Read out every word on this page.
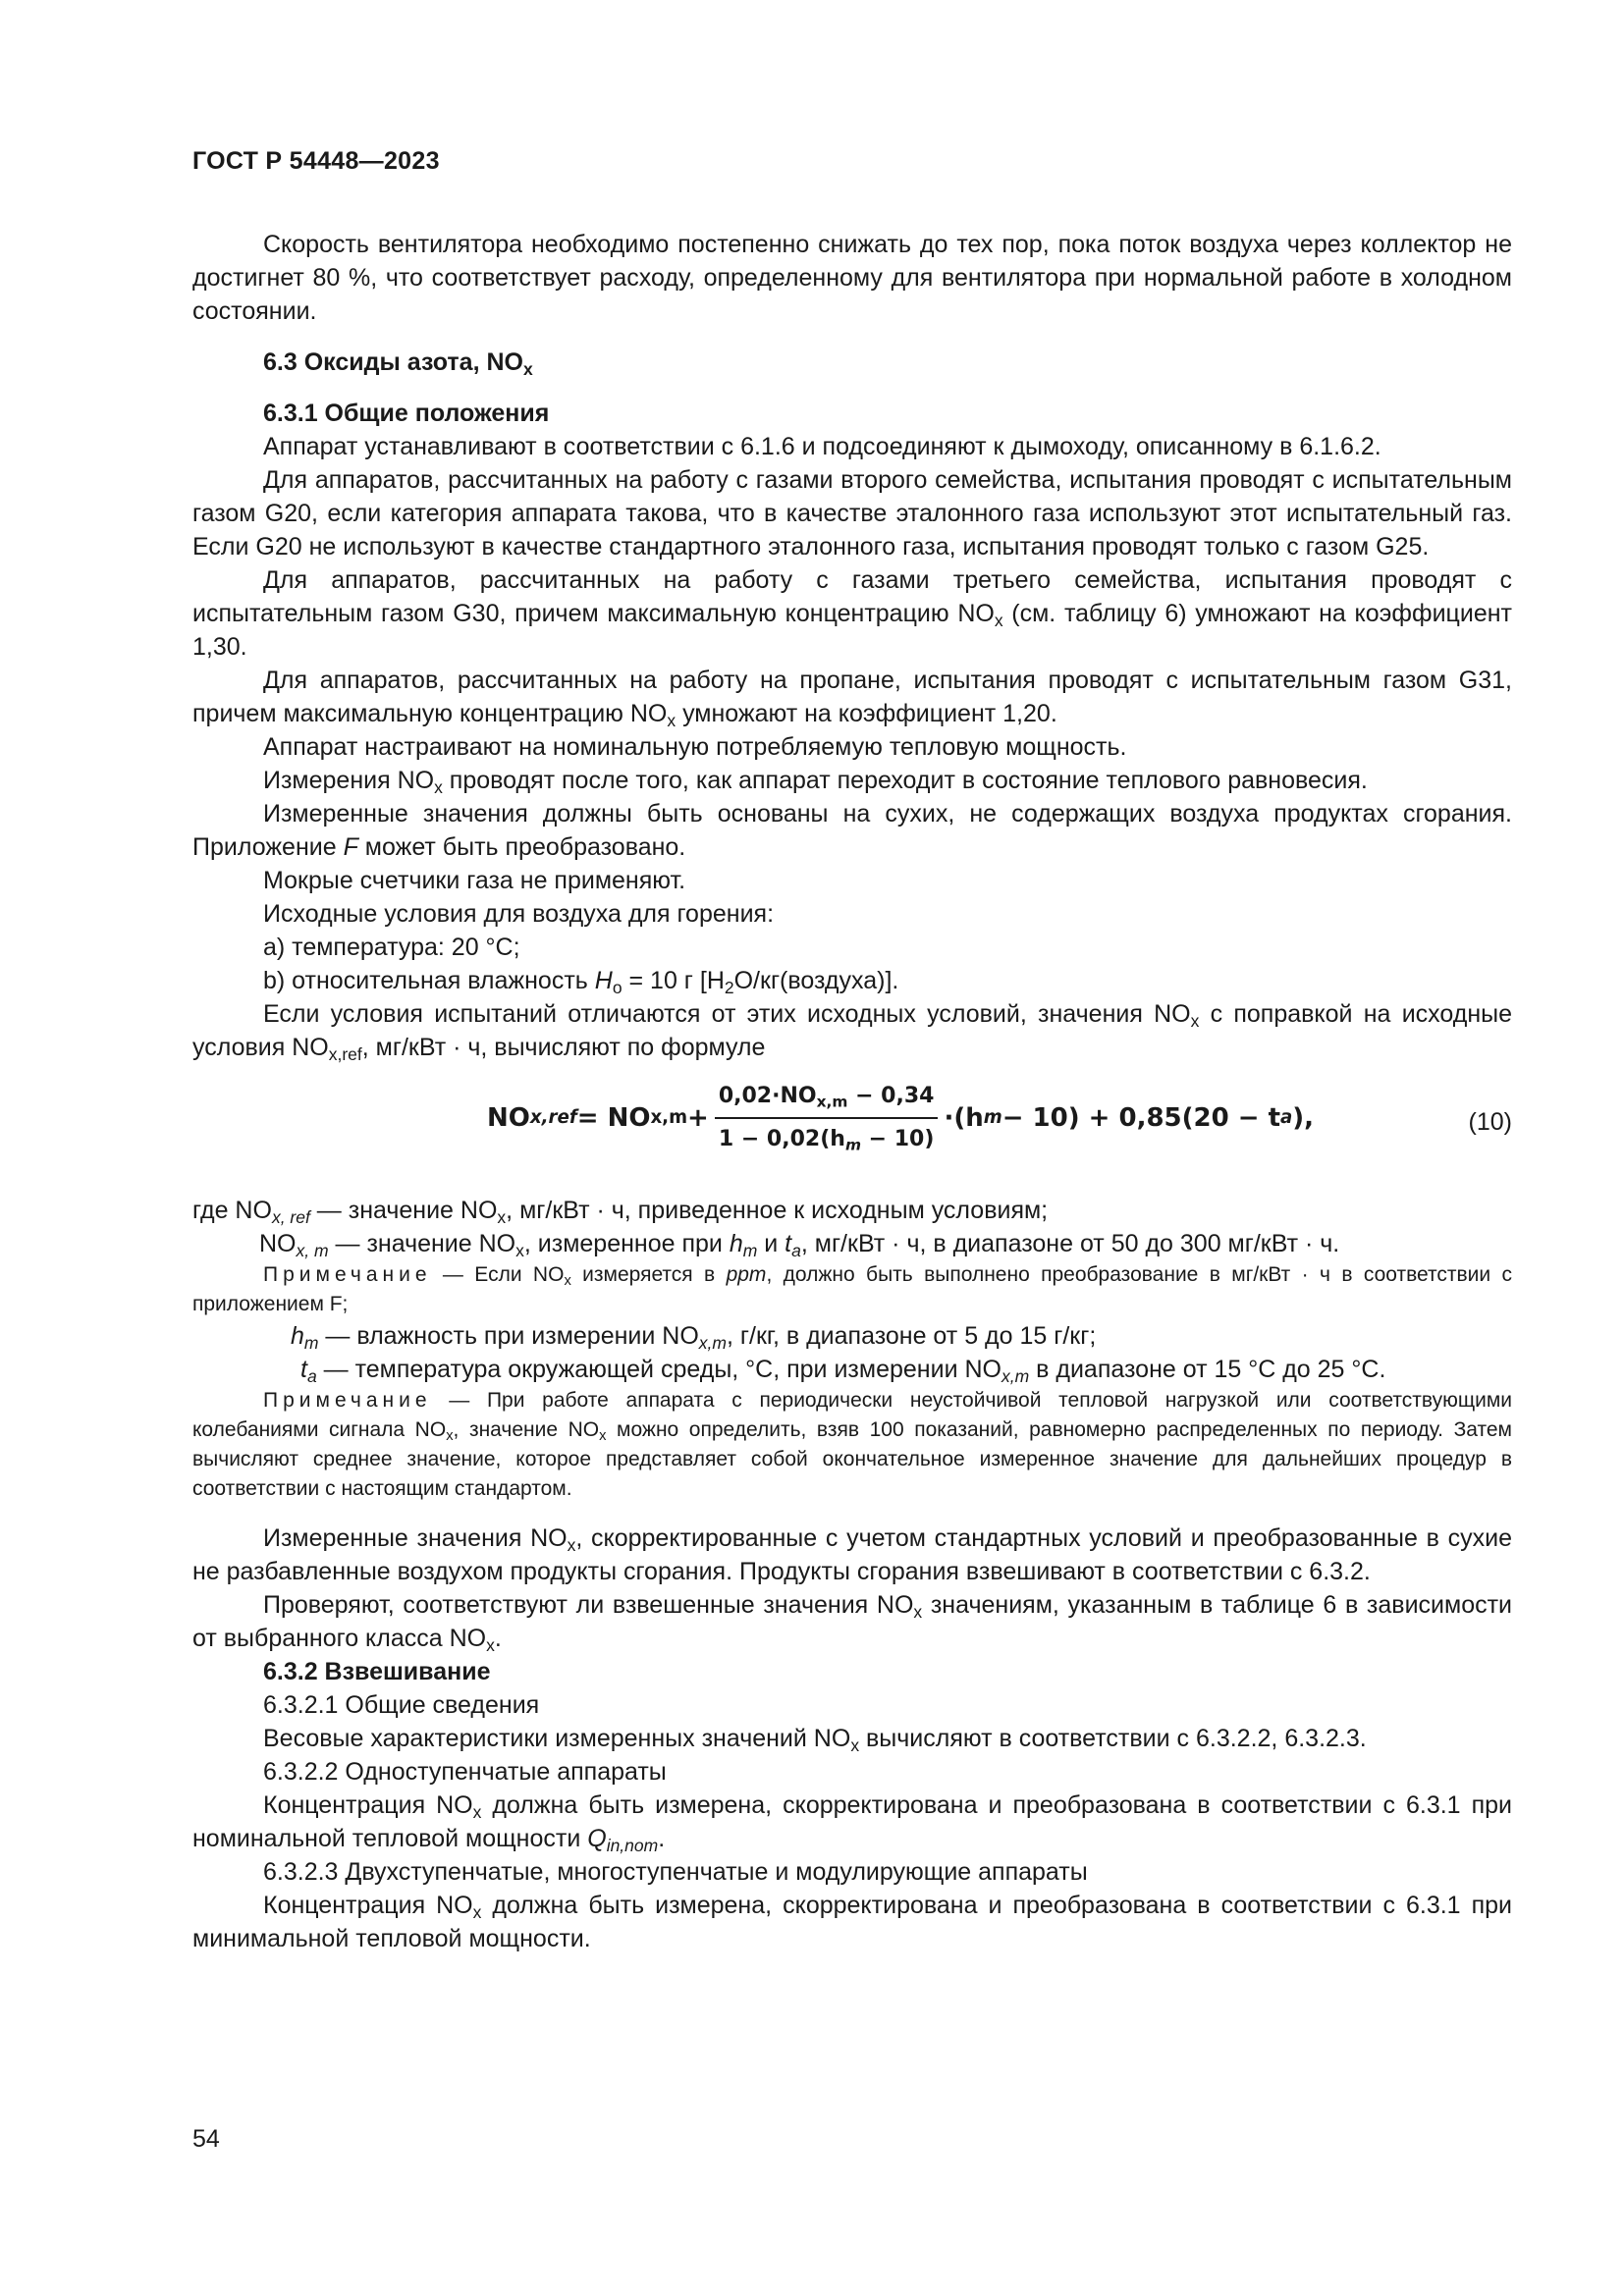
ГОСТ Р 54448—2023

Скорость вентилятора необходимо постепенно снижать до тех пор, пока поток воздуха через коллектор не достигнет 80 %, что соответствует расходу, определенному для вентилятора при нормальной работе в холодном состоянии.

6.3 Оксиды азота, $NO_x$

6.3.1 Общие положения

Аппарат устанавливают в соответствии с 6.1.6 и подсоединяют к дымоходу, описанному в 6.1.6.2.

Для аппаратов, рассчитанных на работу с газами второго семейства, испытания проводят с испытательным газом G20, если категория аппарата такова, что в качестве эталонного газа используют этот испытательный газ. Если G20 не используют в качестве стандартного эталонного газа, испытания проводят только с газом G25.

Для аппаратов, рассчитанных на работу с газами третьего семейства, испытания проводят с испытательным газом G30, причем максимальную концентрацию $NO_x$ (см. таблицу 6) умножают на коэффициент 1,30.

Для аппаратов, рассчитанных на работу на пропане, испытания проводят с испытательным газом G31, причем максимальную концентрацию $NO_x$ умножают на коэффициент 1,20.

Аппарат настраивают на номинальную потребляемую тепловую мощность.

Измерения $NO_x$ проводят после того, как аппарат переходит в состояние теплового равновесия.

Измеренные значения должны быть основаны на сухих, не содержащих воздуха продуктах сгорания. Приложение F может быть преобразовано.

Мокрые счетчики газа не применяют.

Исходные условия для воздуха для горения:

a) температура: 20 °С;

b) относительная влажность $H_о = 10$ г $[H_2O/кг(воздуха)]$.

Если условия испытаний отличаются от этих исходных условий, значения $NO_x$ с поправкой на исходные условия $NO_{x,ref}$, мг/кВт · ч, вычисляют по формуле

NO x,ref = NO $x,m + \frac{0,02\cdot NO_{x,m} - 0,34}{1 - 0,02(h_m - 10)} \cdot(h$ m − 10) + 0,85(20 − t a ),	(10)

где $NO_{x, ref}$ — значение $NO_x$, мг/кВт · ч, приведенное к исходным условиям;

$NO_{x, m}$ — значение $NO_x$, измеренное при $h_m$ и $t_a$, мг/кВт · ч, в диапазоне от 50 до 300 мг/кВт · ч.

Примечание — Если $NO_x$ измеряется в ppm, должно быть выполнено преобразование в мг/кВт · ч в соответствии с приложением F;

$h_m$ — влажность при измерении $NO_{x,m}$, г/кг, в диапазоне от 5 до 15 г/кг;

$t_a$ — температура окружающей среды, °С, при измерении $NO_{x,m}$ в диапазоне от 15 °С до 25 °С.

Примечание — При работе аппарата с периодически неустойчивой тепловой нагрузкой или соответствующими колебаниями сигнала $NO_x$, значение $NO_x$ можно определить, взяв 100 показаний, равномерно распределенных по периоду. Затем вычисляют среднее значение, которое представляет собой окончательное измеренное значение для дальнейших процедур в соответствии с настоящим стандартом.

Измеренные значения $NO_x$, скорректированные с учетом стандартных условий и преобразованные в сухие не разбавленные воздухом продукты сгорания. Продукты сгорания взвешивают в соответствии с 6.3.2.

Проверяют, соответствуют ли взвешенные значения $NO_x$ значениям, указанным в таблице 6 в зависимости от выбранного класса $NO_x$.

6.3.2 Взвешивание

6.3.2.1 Общие сведения

Весовые характеристики измеренных значений $NO_x$ вычисляют в соответствии с 6.3.2.2, 6.3.2.3.

6.3.2.2 Одноступенчатые аппараты

Концентрация $NO_x$ должна быть измерена, скорректирована и преобразована в соответствии с 6.3.1 при номинальной тепловой мощности $Q_{in,nom}$.

6.3.2.3 Двухступенчатые, многоступенчатые и модулирующие аппараты

Концентрация $NO_x$ должна быть измерена, скорректирована и преобразована в соответствии с 6.3.1 при минимальной тепловой мощности.

54
